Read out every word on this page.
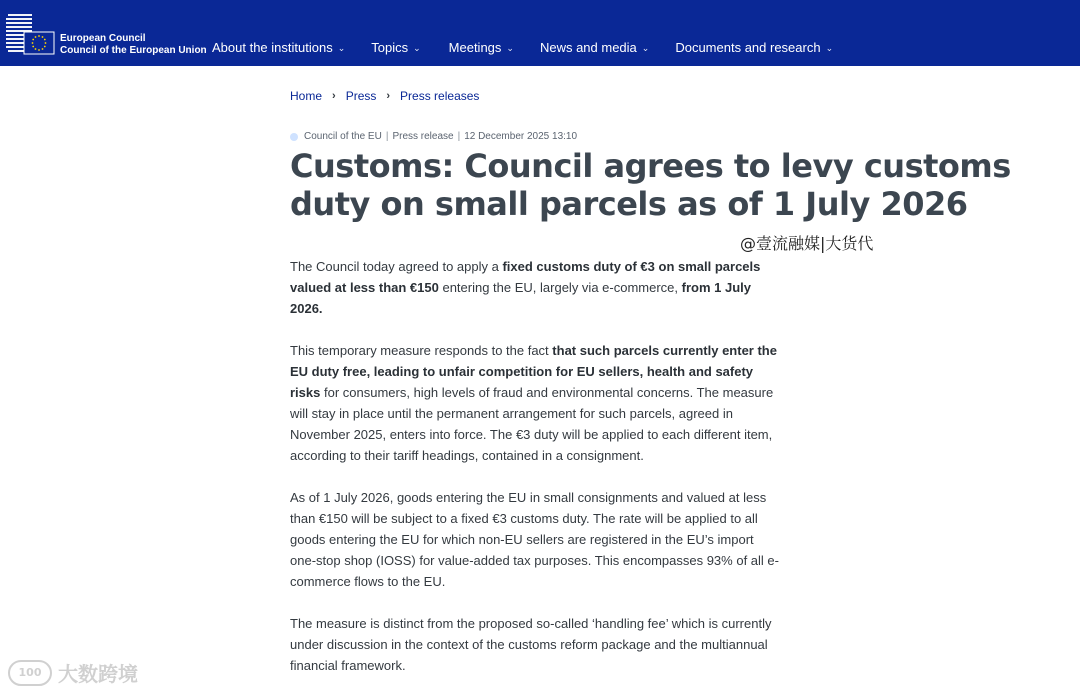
European Council
Council of the European Union About the institutions ⌄ Topics ⌄ Meetings ⌄ News and media ⌄ Documents and research ⌄
Home › Press › Press releases
Council of the EU | Press release | 12 December 2025 13:10
Customs: Council agrees to levy customs duty on small parcels as of 1 July 2026
@壹流融媒|大货代

The Council today agreed to apply a fixed customs duty of €3 on small parcels valued at less than €150 entering the EU, largely via e-commerce, from 1 July 2026.

This temporary measure responds to the fact that such parcels currently enter the EU duty free, leading to unfair competition for EU sellers, health and safety risks for consumers, high levels of fraud and environmental concerns. The measure will stay in place until the permanent arrangement for such parcels, agreed in November 2025, enters into force. The €3 duty will be applied to each different item, according to their tariff headings, contained in a consignment.

As of 1 July 2026, goods entering the EU in small consignments and valued at less than €150 will be subject to a fixed €3 customs duty. The rate will be applied to all goods entering the EU for which non-EU sellers are registered in the EU’s import one-stop shop (IOSS) for value-added tax purposes. This encompasses 93% of all e-commerce flows to the EU.

The measure is distinct from the proposed so-called ‘handling fee’ which is currently under discussion in the context of the customs reform package and the multiannual financial framework.

100 大数跨境
